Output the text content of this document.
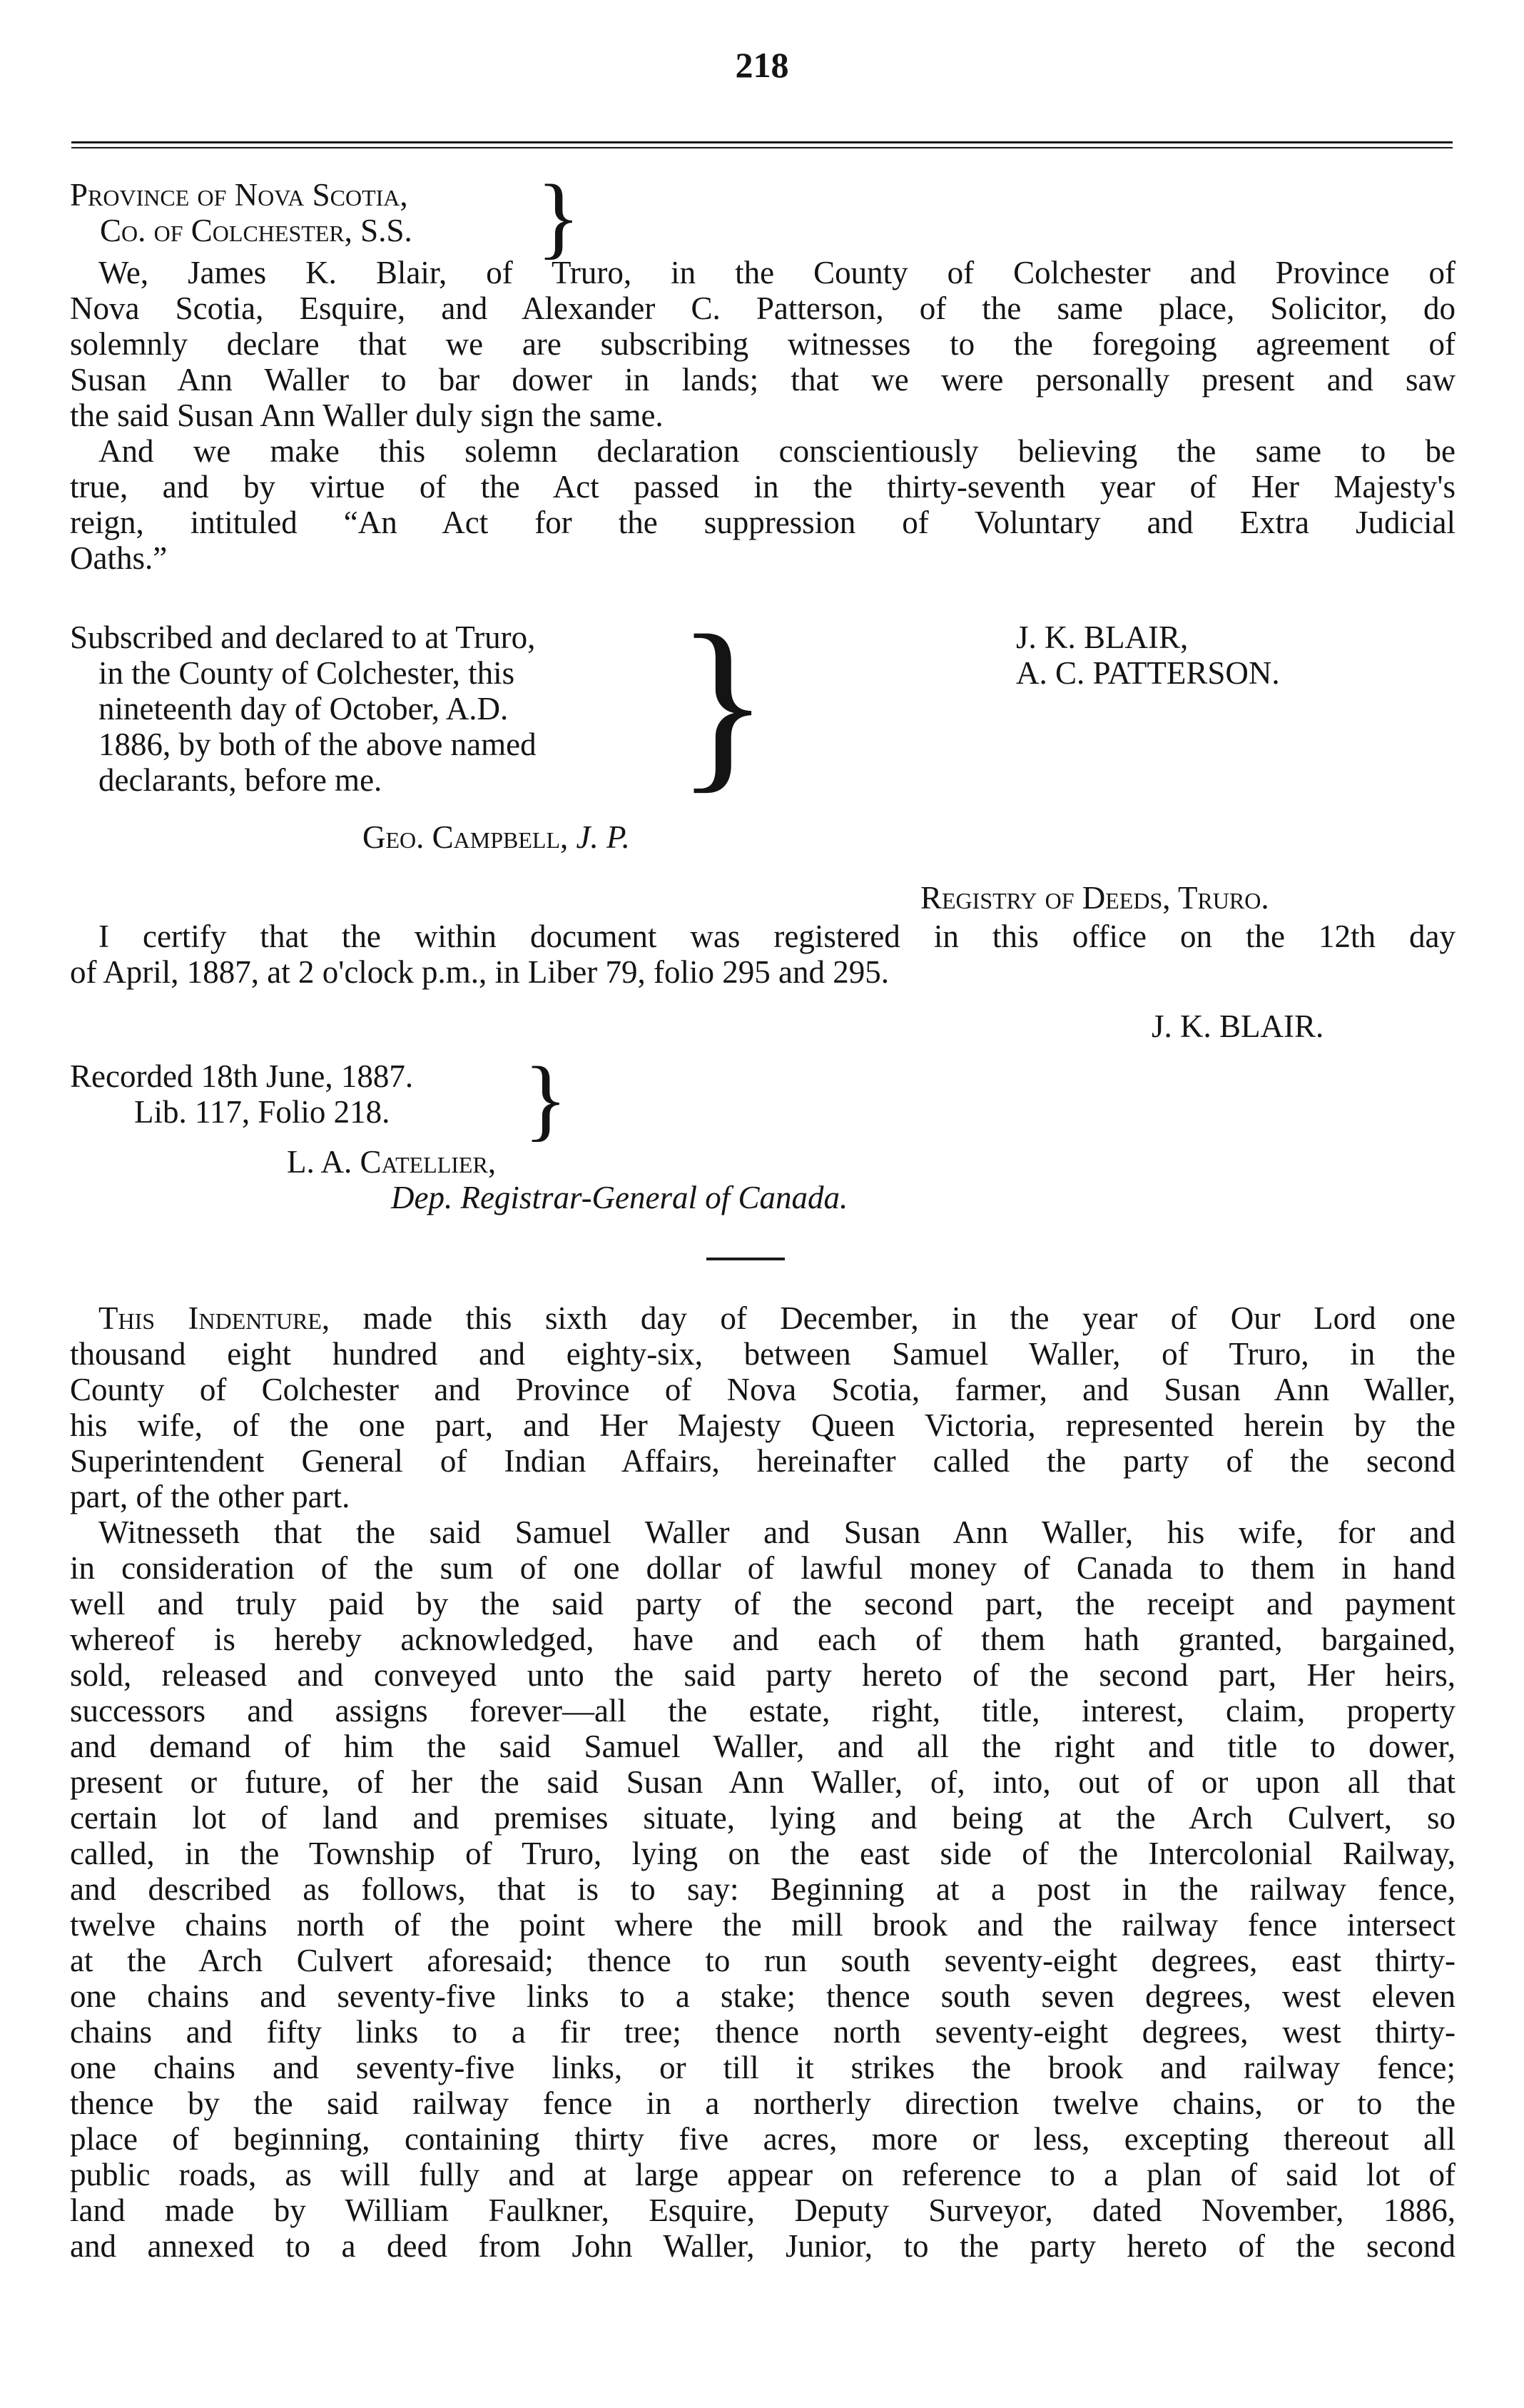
218
Province of Nova Scotia,
Co. of Colchester, S.S. }
We, James K. Blair, of Truro, in the County of Colchester and Province of
Nova Scotia, Esquire, and Alexander C. Patterson, of the same place, Solicitor, do
solemnly declare that we are subscribing witnesses to the foregoing agreement of
Susan Ann Waller to bar dower in lands; that we were personally present and saw
the said Susan Ann Waller duly sign the same.
And we make this solemn declaration conscientiously believing the same to be
true, and by virtue of the Act passed in the thirty-seventh year of Her Majesty's
reign, intituled “An Act for the suppression of Voluntary and Extra Judicial
Oaths.”
Subscribed and declared to at Truro,
in the County of Colchester, this
nineteenth day of October, A.D.
1886, by both of the above named
declarants, before me. }	J. K. BLAIR,
A. C. PATTERSON.
Geo. Campbell, J. P.
Registry of Deeds, Truro.
I certify that the within document was registered in this office on the 12th day
of April, 1887, at 2 o'clock p.m., in Liber 79, folio 295 and 295.
J. K. BLAIR.
Recorded 18th June, 1887.
Lib. 117, Folio 218. }
L. A. Catellier,
Dep. Registrar-General of Canada.
This Indenture, made this sixth day of December, in the year of Our Lord one
thousand eight hundred and eighty-six, between Samuel Waller, of Truro, in the
County of Colchester and Province of Nova Scotia, farmer, and Susan Ann Waller,
his wife, of the one part, and Her Majesty Queen Victoria, represented herein by the
Superintendent General of Indian Affairs, hereinafter called the party of the second
part, of the other part.
Witnesseth that the said Samuel Waller and Susan Ann Waller, his wife, for and
in consideration of the sum of one dollar of lawful money of Canada to them in hand
well and truly paid by the said party of the second part, the receipt and payment
whereof is hereby acknowledged, have and each of them hath granted, bargained,
sold, released and conveyed unto the said party hereto of the second part, Her heirs,
successors and assigns forever—all the estate, right, title, interest, claim, property
and demand of him the said Samuel Waller, and all the right and title to dower,
present or future, of her the said Susan Ann Waller, of, into, out of or upon all that
certain lot of land and premises situate, lying and being at the Arch Culvert, so
called, in the Township of Truro, lying on the east side of the Intercolonial Railway,
and described as follows, that is to say: Beginning at a post in the railway fence,
twelve chains north of the point where the mill brook and the railway fence intersect
at the Arch Culvert aforesaid; thence to run south seventy-eight degrees, east thirty-
one chains and seventy-five links to a stake; thence south seven degrees, west eleven
chains and fifty links to a fir tree; thence north seventy-eight degrees, west thirty-
one chains and seventy-five links, or till it strikes the brook and railway fence;
thence by the said railway fence in a northerly direction twelve chains, or to the
place of beginning, containing thirty five acres, more or less, excepting thereout all
public roads, as will fully and at large appear on reference to a plan of said lot of
land made by William Faulkner, Esquire, Deputy Surveyor, dated November, 1886,
and annexed to a deed from John Waller, Junior, to the party hereto of the second
